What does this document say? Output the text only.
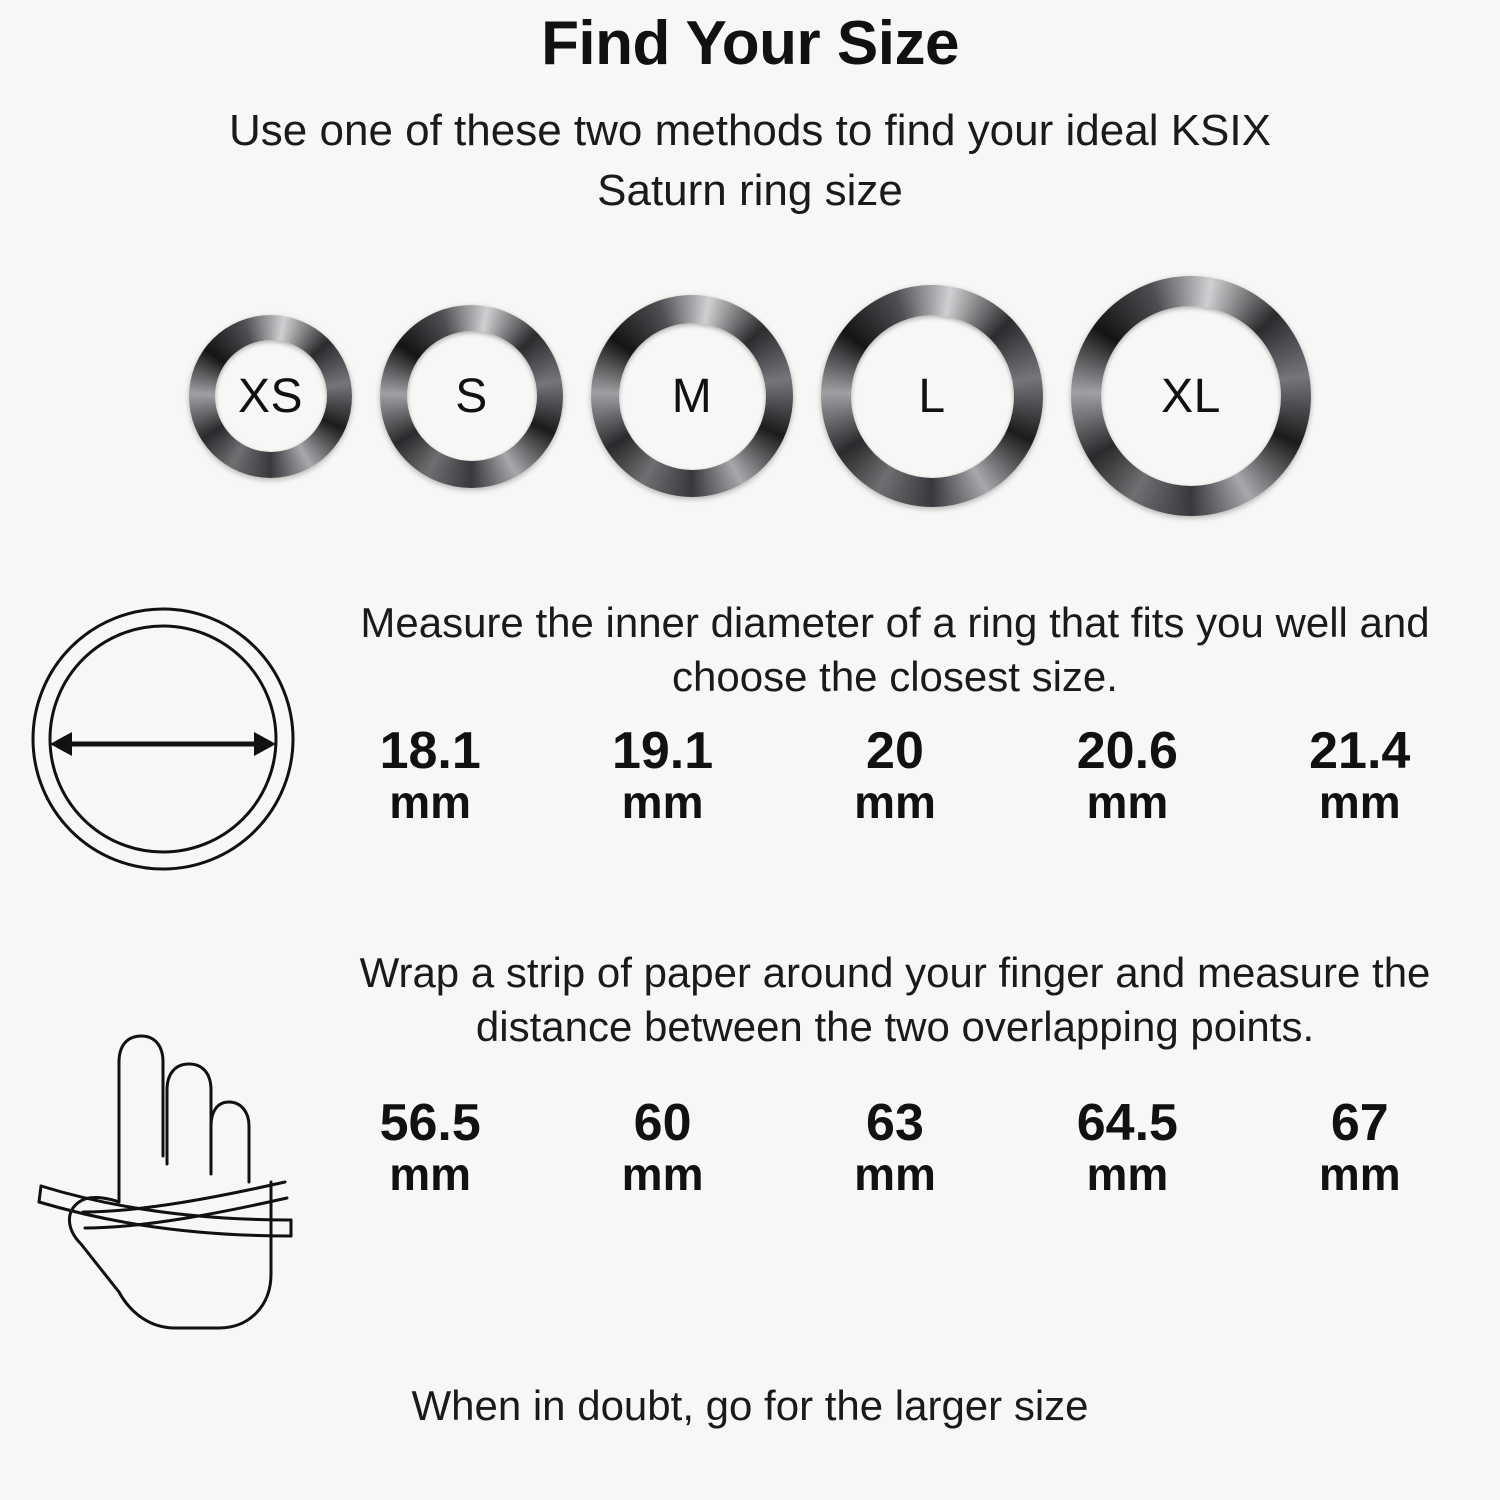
Find Your Size

Use one of these two methods to find your ideal KSIX Saturn ring size

XS	S	M	L	XL

Measure the inner diameter of a ring that fits you well and choose the closest size.

18.1
mm
19.1
mm
20
mm
20.6
mm
21.4
mm

Wrap a strip of paper around your finger and measure the distance between the two overlapping points.

56.5
mm
60
mm
63
mm
64.5
mm
67
mm
When in doubt, go for the larger size
